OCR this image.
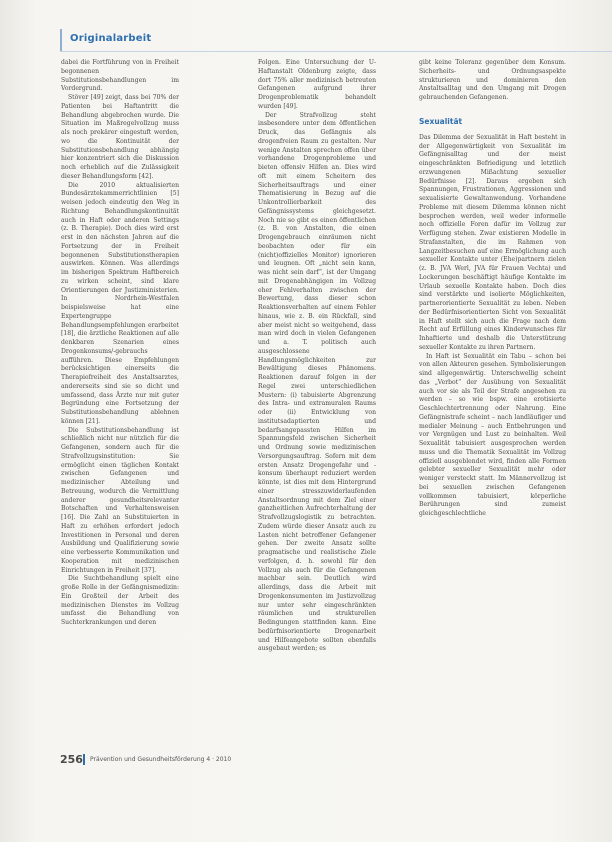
Originalarbeit

dabei die Fortführung von in Freiheit begonnenen Substitutionsbehandlungen im Vordergrund.

Stöver [49] zeigt, dass bei 70% der Patienten bei Haftantritt die Behandlung abgebrochen wurde. Die Situation im Maßregelvollzug muss als noch prekärer eingestuft werden, wo die Kontinuität der Substitutionsbehandlung abhängig hier konzentriert sich die Diskussion noch erheblich auf die Zulässigkeit dieser Behandlungsform [42].

Die 2010 aktualisierten Bundesärztekammerrichtlinien [5] weisen jedoch eindeutig den Weg in Richtung Behandlungskontinuität auch in Haft oder anderen Settings (z. B. Therapie). Doch dies wird erst erst in den nächsten Jahren auf die Fortsetzung der in Freiheit begonnenen Substitutionstherapien auswirken. Können. Was allerdings im bisherigen Spektrum Haftbereich zu wirken scheint, sind klare Orientierungen der Justizministerien. In Nordrhein-Westfalen beispielsweise hat eine Expertengruppe Behandlungsempfehlungen erarbeitet [18], die ärztliche Reaktionen auf alle denkbaren Szenarien eines Drogenkonsums/-gebrauchs aufführen. Diese Empfehlungen berücksichtigen einerseits die Therapiefreiheit des Anstaltsarztes, andererseits sind sie so dicht und umfassend, dass Ärzte nur mit guter Begründung eine Fortsetzung der Substitutionsbehandlung ablehnen können [21].

Die Substitutionsbehandlung ist schließlich nicht nur nützlich für die Gefangenen, sondern auch für die Strafvollzugsinstitution: Sie ermöglicht einen täglichen Kontakt zwischen Gefangenen und medizinischer Abteilung und Betreuung, wodurch die Vermittlung anderer gesundheitsrelevanter Botschaften und Verhaltensweisen [16]. Die Zahl an Substituierten in Haft zu erhöhen erfordert jedoch Investitionen in Personal und deren Ausbildung und Qualifizierung sowie eine verbesserte Kommunikation und Kooperation mit medizinischen Einrichtungen in Freiheit [37].

Die Suchtbehandlung spielt eine große Rolle in der Gefängnismedizin: Ein Großteil der Arbeit des medizinischen Dienstes im Vollzug umfasst die Behandlung von Suchterkrankungen und deren

Folgen. Eine Untersuchung der U-Haftanstalt Oldenburg zeigte, dass dort 75% aller medizinisch betreuten Gefangenen aufgrund ihrer Drogenproblematik behandelt wurden [49].

Der Strafvollzug steht insbesondere unter dem öffentlichen Druck, das Gefängnis als drogenfreien Raum zu gestalten. Nur wenige Anstalten sprechen offen über vorhandene Drogenprobleme und bieten offensiv Hilfen an. Dies wird oft mit einem Scheitern des Sicherheitsauftrags und einer Thematisierung in Bezug auf die Unkontrollierbarkeit des Gefängnissystems gleichgesetzt. Noch nie so gibt es einen öffentlichen (z. B. von Anstalten, die einen Drogengebrauch einräumen nicht beobachten oder für ein (nicht)offizielles Monitor) ignorieren und leugnen. Oft „nicht sein kann, was nicht sein darf“, ist der Umgang mit Drogenabhängigen im Vollzug eher Fehlverhalten zwischen der Bewertung, dass dieser schon Reaktionsverhalten auf einem Fehler hinaus, wie z. B. ein Rückfall, sind aber meist nicht so weitgehend, dass man wird doch in vielen Gefangenen und a. T. politisch auch ausgeschlossene Handlungsmöglichkeiten zur Bewältigung dieses Phänomens. Reaktionen darauf folgen in der Regel zwei unterschiedlichen Mustern: (i) tabuisierte Abgrenzung des Intra- und extramuralen Raums oder (ii) Entwicklung von institutsadaptierten und bedarfsangepassten Hilfen im Spannungsfeld zwischen Sicherheit und Ordnung sowie medizinischen Versorgungsauftrag. Sofern mit dem ersten Ansatz Drogengefahr und -konsum überhaupt reduziert werden könnte, ist dies mit dem Hintergrund einer stresszuwiderlaufenden Anstaltsordnung mit dem Ziel einer ganzheitlichen Aufrechterhaltung der Strafvollzugslogistik zu betrachten. Zudem würde dieser Ansatz auch zu Lasten nicht betroffener Gefangener gehen. Der zweite Ansatz sollte pragmatische und realistische Ziele verfolgen, d. h. sowohl für den Vollzug als auch für die Gefangenen machbar sein. Deutlich wird allerdings, dass die Arbeit mit Drogenkonsumenten im Justizvollzug nur unter sehr eingeschränkten räumlichen und strukturellen Bedingungen stattfinden kann. Eine bedürfnisorientierte Drogenarbeit und Hilfeangebote sollten ebenfalls ausgebaut werden; es

gibt keine Toleranz gegenüber dem Konsum. Sicherheits- und Ordnungsaspekte strukturieren und dominieren den Anstaltsalltag und den Umgang mit Drogen gebrauchenden Gefangenen.

Sexualität

Das Dilemma der Sexualität in Haft besteht in der Allgegenwärtigkeit von Sexualität im Gefängnisalltag und der meist eingeschränkten Befriedigung und letztlich erzwungenen Mißachtung sexueller Bedürfnisse [2]. Daraus ergeben sich Spannungen, Frustrationen, Aggressionen und sexualisierte Gewaltanwendung. Vorhandene Probleme mit diesem Dilemma können nicht besprochen werden, weil weder informelle noch offizielle Foren dafür im Vollzug zur Verfügung stehen. Zwar existieren Modelle in Strafanstalten, die im Rahmen von Langzeitbesuchen auf eine Ermöglichung auch sexueller Kontakte unter (Ehe)partnern zielen (z. B. JVA Werl, JVA für Frauen Vechta) und Lockerungen beschäftigt häufige Kontakte im Urlaub sexuelle Kontakte haben. Doch dies sind verstärkte und isolierte Möglichkeiten, partnerorientierte Sexualität zu leben. Neben der Bedürfnisorientierten Sicht von Sexualität in Haft stellt sich auch die Frage nach dem Recht auf Erfüllung eines Kinderwunsches für Inhaftierte und deshalb die Unterstützung sexueller Kontakte zu ihren Partnern.

In Haft ist Sexualität ein Tabu – schon bei von allen Akteuren gesehen. Symbolisierungen sind allgegenwärtig. Unterschwellig scheint das „Verbot“ der Ausübung von Sexualität auch vor sie als Teil der Strafe angesehen zu werden – so wie bspw. eine erotisierte Geschlechtertrennung oder Nahrung. Eine Gefängnistrafe scheint – nach landläufiger und medialer Meinung – auch Entbehrungen und vor Vergnügen und Lust zu beinhalten. Weil Sexualität tabuisiert ausgesprochen werden muss und die Thematik Sexualität im Vollzug offiziell ausgeblendet wird, finden alle Formen gelebter sexueller Sexualität mehr oder weniger versteckt statt. Im Männervollzug ist bei sexuellen zwischen Gefangenen vollkommen tabuisiert, körperliche Berührungen sind zumeist gleichgeschlechtliche

256 Prävention und Gesundheitsförderung 4 · 2010
